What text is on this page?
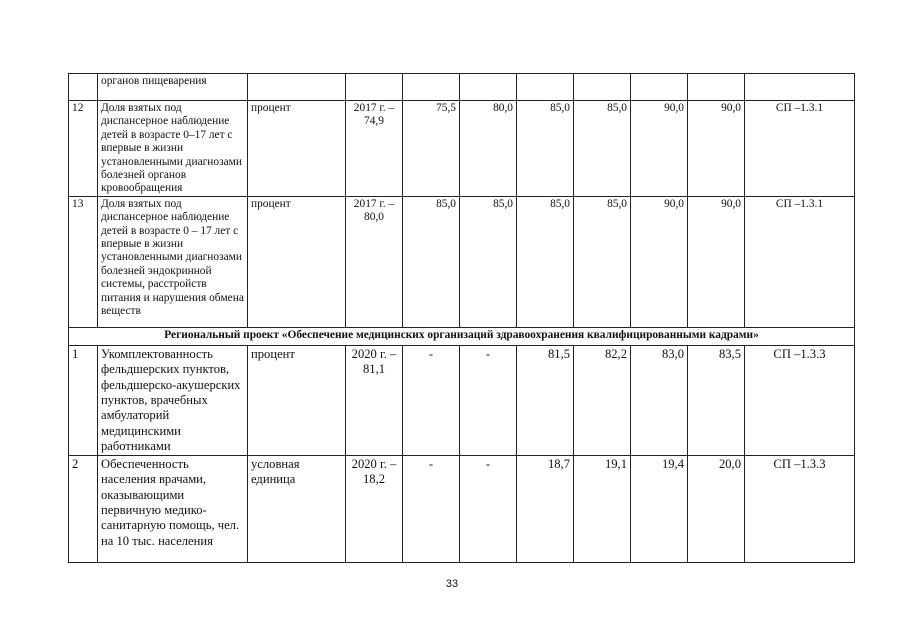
	органов пищеварения									
12	Доля взятых под диспансерное наблюдение детей в возрасте 0–17 лет с впервые в жизни установленными диагнозами болезней органов кровообращения	процент	2017 г. – 74,9	75,5	80,0	85,0	85,0	90,0	90,0	СП –1.3.1
13	Доля взятых под диспансерное наблюдение детей в возрасте 0 – 17 лет с впервые в жизни установленными диагнозами болезней эндокринной системы, расстройств питания и нарушения обмена веществ	процент	2017 г. – 80,0	85,0	85,0	85,0	85,0	90,0	90,0	СП –1.3.1
Региональный проект «Обеспечение медицинских организаций здравоохранения квалифицированными кадрами»										
1	Укомплектованность фельдшерских пунктов, фельдшерско-акушерских пунктов, врачебных амбулаторий медицинскими работниками	процент	2020 г. – 81,1	-	-	81,5	82,2	83,0	83,5	СП –1.3.3
2	Обеспеченность населения врачами, оказывающими первичную медико-санитарную помощь, чел. на 10 тыс. населения	условная единица	2020 г. – 18,2	-	-	18,7	19,1	19,4	20,0	СП –1.3.3
33
